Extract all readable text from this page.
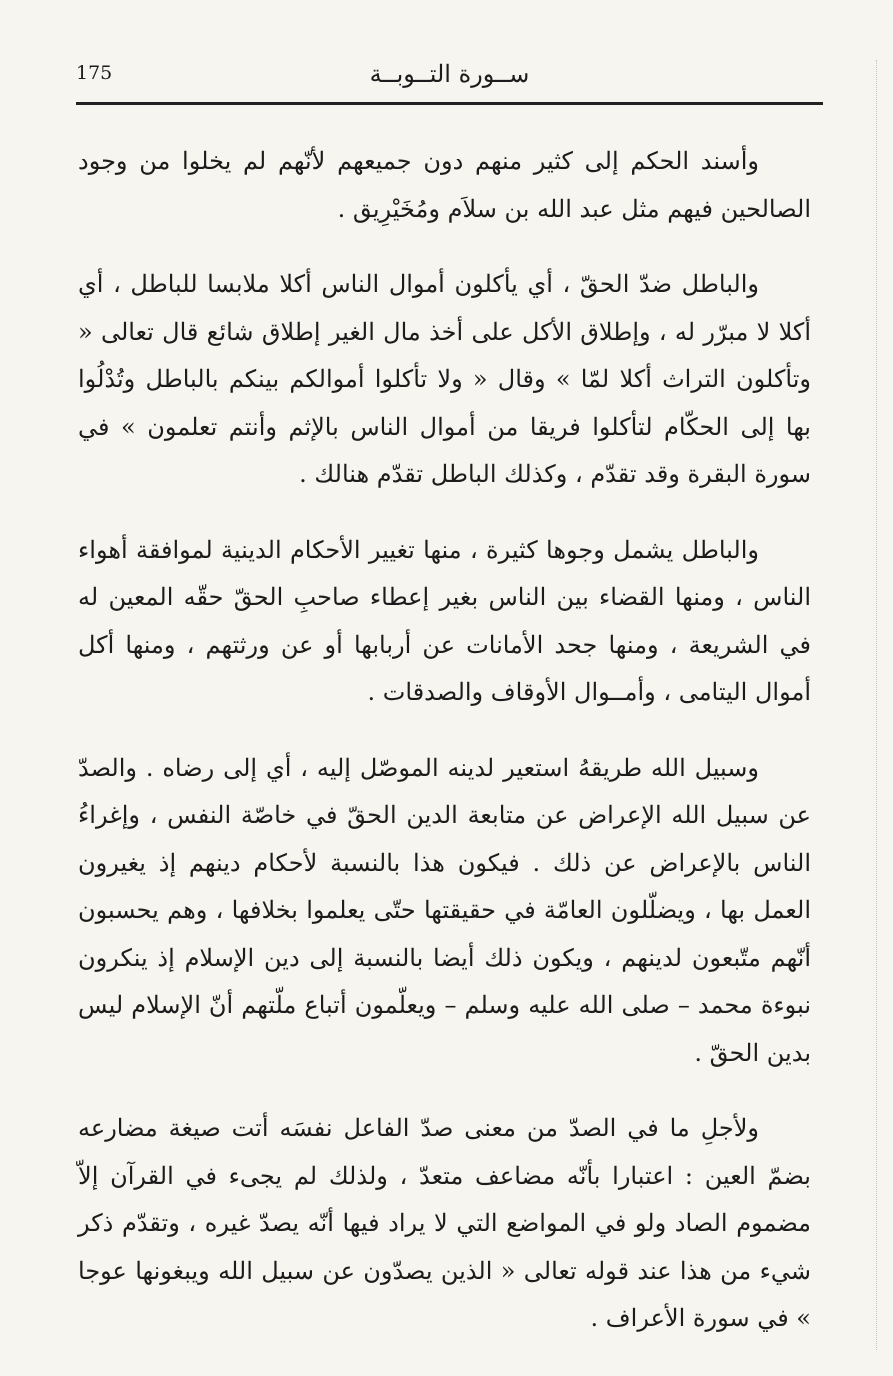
175	ســورة التــوبــة

وأسند الحكم إلى كثير منهم دون جميعهم لأنّهم لم يخلوا من وجود الصالحين فيهم مثل عبد الله بن سلاَم ومُخَيْرِيق .

والباطل ضدّ الحقّ ، أي يأكلون أموال الناس أكلا ملابسا للباطل ، أي أكلا لا مبرّر له ، وإطلاق الأكل على أخذ مال الغير إطلاق شائع قال تعالى « وتأكلون التراث أكلا لمّا » وقال « ولا تأكلوا أموالكم بينكم بالباطل وتُدْلُوا بها إلى الحكّام لتأكلوا فريقا من أموال الناس بالإثم وأنتم تعلمون » في سورة البقرة وقد تقدّم ، وكذلك الباطل تقدّم هنالك .

والباطل يشمل وجوها كثيرة ، منها تغيير الأحكام الدينية لموافقة أهواء الناس ، ومنها القضاء بين الناس بغير إعطاء صاحبِ الحقّ حقّه المعين له في الشريعة ، ومنها جحد الأمانات عن أربابها أو عن ورثتهم ، ومنها أكل أموال اليتامى ، وأمــوال الأوقاف والصدقات .

وسبيل الله طريقهُ استعير لدينه الموصّل إليه ، أي إلى رضاه . والصدّ عن سبيل الله الإعراض عن متابعة الدين الحقّ في خاصّة النفس ، وإغراءُ الناس بالإعراض عن ذلك . فيكون هذا بالنسبة لأحكام دينهم إذ يغيرون العمل بها ، ويضلّلون العامّة في حقيقتها حتّى يعلموا بخلافها ، وهم يحسبون أنّهم متّبعون لدينهم ، ويكون ذلك أيضا بالنسبة إلى دين الإسلام إذ ينكرون نبوءة محمد – صلى الله عليه وسلم – ويعلّمون أتباع ملّتهم أنّ الإسلام ليس بدين الحقّ .

ولأجلِ ما في الصدّ من معنى صدّ الفاعل نفسَه أتت صيغة مضارعه بضمّ العين : اعتبارا بأنّه مضاعف متعدّ ، ولذلك لم يجىء في القرآن إلاّ مضموم الصاد ولو في المواضع التي لا يراد فيها أنّه يصدّ غيره ، وتقدّم ذكر شيء من هذا عند قوله تعالى « الذين يصدّون عن سبيل الله ويبغونها عوجا » في سورة الأعراف .
